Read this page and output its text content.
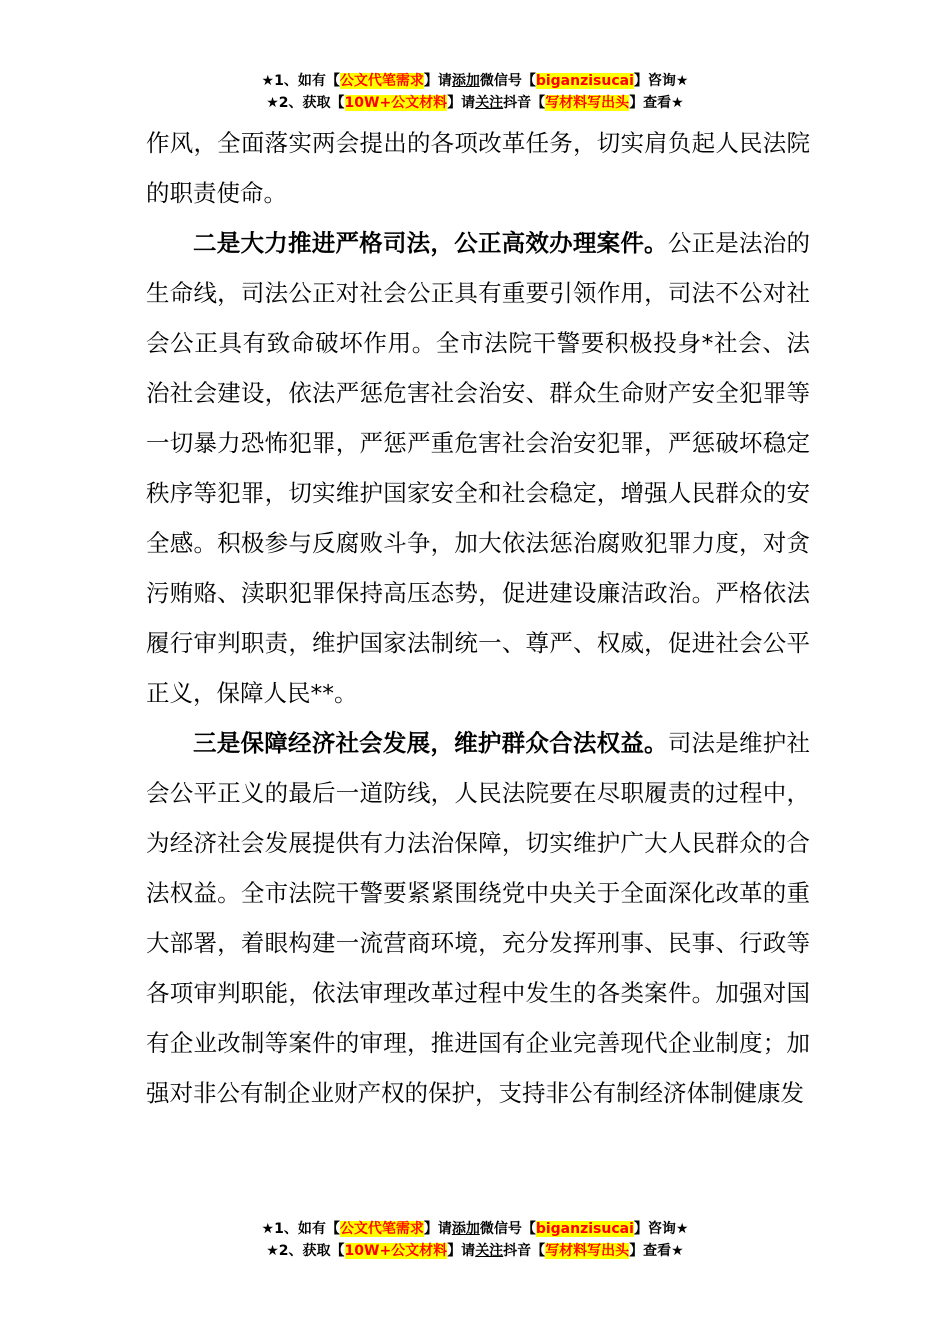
★1、如有【公文代笔需求】请添加微信号【biganzisucai】咨询★
★2、获取【10W+公文材料】请关注抖音【写材料写出头】查看★

作风，全面落实两会提出的各项改革任务，切实肩负起人民法院的职责使命。

二是大力推进严格司法，公正高效办理案件。公正是法治的生命线，司法公正对社会公正具有重要引领作用，司法不公对社会公正具有致命破坏作用。全市法院干警要积极投身*社会、法治社会建设，依法严惩危害社会治安、群众生命财产安全犯罪等一切暴力恐怖犯罪，严惩严重危害社会治安犯罪，严惩破坏稳定秩序等犯罪，切实维护国家安全和社会稳定，增强人民群众的安全感。积极参与反腐败斗争，加大依法惩治腐败犯罪力度，对贪污贿赂、渎职犯罪保持高压态势，促进建设廉洁政治。严格依法履行审判职责，维护国家法制统一、尊严、权威，促进社会公平正义，保障人民**。

三是保障经济社会发展，维护群众合法权益。司法是维护社会公平正义的最后一道防线，人民法院要在尽职履责的过程中，为经济社会发展提供有力法治保障，切实维护广大人民群众的合法权益。全市法院干警要紧紧围绕党中央关于全面深化改革的重大部署，着眼构建一流营商环境，充分发挥刑事、民事、行政等各项审判职能，依法审理改革过程中发生的各类案件。加强对国有企业改制等案件的审理，推进国有企业完善现代企业制度；加强对非公有制企业财产权的保护，支持非公有制经济体制健康发

★1、如有【公文代笔需求】请添加微信号【biganzisucai】咨询★
★2、获取【10W+公文材料】请关注抖音【写材料写出头】查看★
